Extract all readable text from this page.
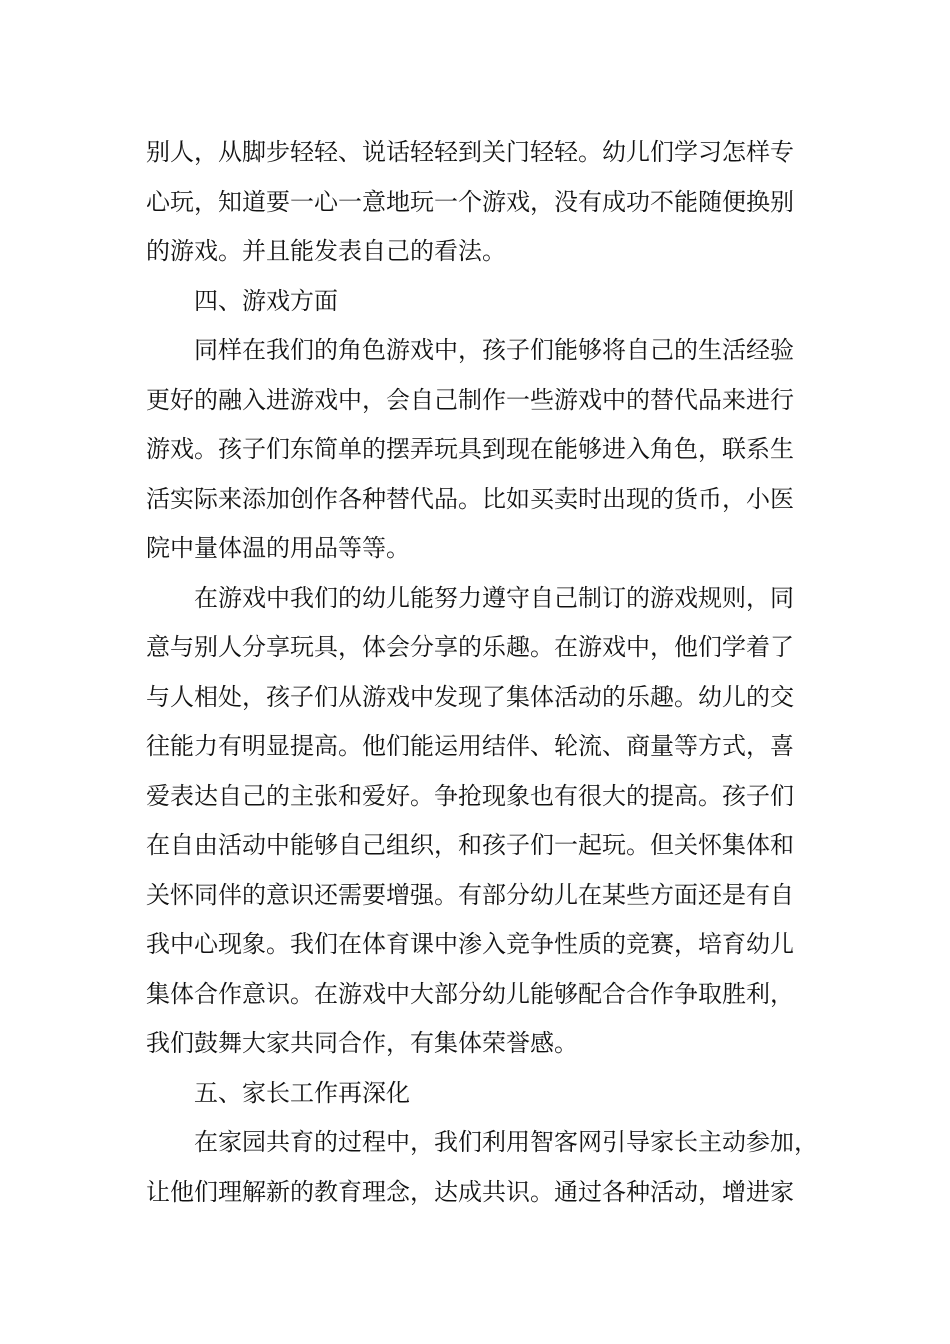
别人，从脚步轻轻、说话轻轻到关门轻轻。幼儿们学习怎样专
心玩，知道要一心一意地玩一个游戏，没有成功不能随便换别
的游戏。并且能发表自己的看法。
四、游戏方面
同样在我们的角色游戏中，孩子们能够将自己的生活经验
更好的融入进游戏中，会自己制作一些游戏中的替代品来进行
游戏。孩子们东简单的摆弄玩具到现在能够进入角色，联系生
活实际来添加创作各种替代品。比如买卖时出现的货币，小医
院中量体温的用品等等。
在游戏中我们的幼儿能努力遵守自己制订的游戏规则，同
意与别人分享玩具，体会分享的乐趣。在游戏中，他们学着了
与人相处，孩子们从游戏中发现了集体活动的乐趣。幼儿的交
往能力有明显提高。他们能运用结伴、轮流、商量等方式，喜
爱表达自己的主张和爱好。争抢现象也有很大的提高。孩子们
在自由活动中能够自己组织，和孩子们一起玩。但关怀集体和
关怀同伴的意识还需要增强。有部分幼儿在某些方面还是有自
我中心现象。我们在体育课中渗入竞争性质的竞赛，培育幼儿
集体合作意识。在游戏中大部分幼儿能够配合合作争取胜利，
我们鼓舞大家共同合作，有集体荣誉感。
五、家长工作再深化
在家园共育的过程中，我们利用智客网引导家长主动参加，
让他们理解新的教育理念，达成共识。通过各种活动，增进家
